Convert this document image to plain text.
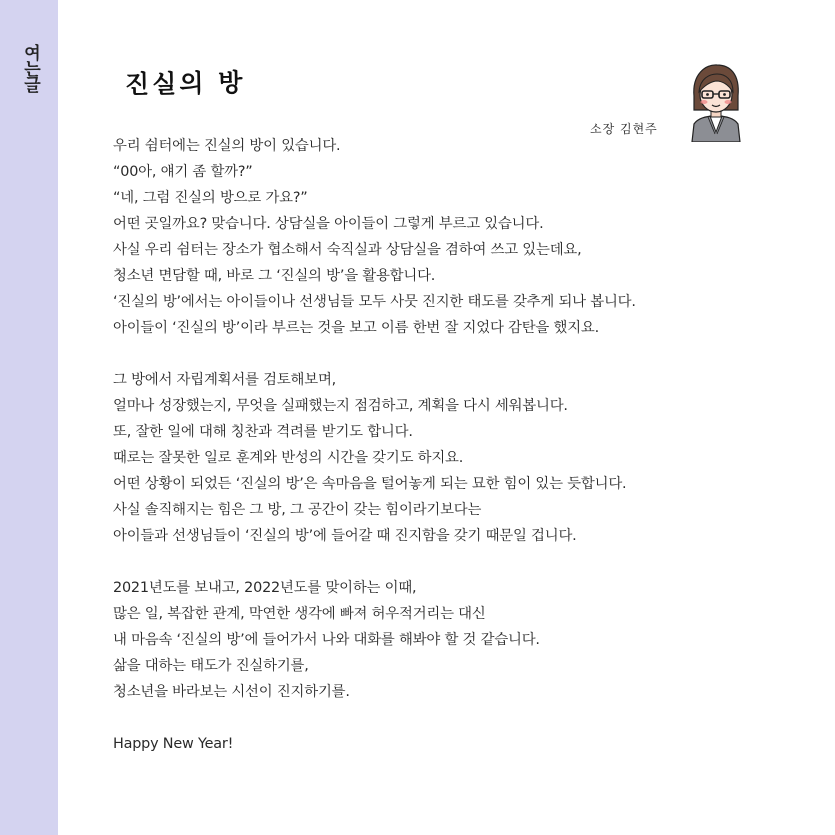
여는글	진실의 방
소장 김현주

우리 쉼터에는 진실의 방이 있습니다.
“00아, 얘기 좀 할까?”
“네, 그럼 진실의 방으로 가요?”
어떤 곳일까요? 맞습니다. 상담실을 아이들이 그렇게 부르고 있습니다.
사실 우리 쉼터는 장소가 협소해서 숙직실과 상담실을 겸하여 쓰고 있는데요,
청소년 면담할 때, 바로 그 ‘진실의 방’을 활용합니다.
‘진실의 방’에서는 아이들이나 선생님들 모두 사뭇 진지한 태도를 갖추게 되나 봅니다.
아이들이 ‘진실의 방’이라 부르는 것을 보고 이름 한번 잘 지었다 감탄을 했지요.

그 방에서 자립계획서를 검토해보며,
얼마나 성장했는지, 무엇을 실패했는지 점검하고, 계획을 다시 세워봅니다.
또, 잘한 일에 대해 칭찬과 격려를 받기도 합니다.
때로는 잘못한 일로 훈계와 반성의 시간을 갖기도 하지요.
어떤 상황이 되었든 ‘진실의 방’은 속마음을 털어놓게 되는 묘한 힘이 있는 듯합니다.
사실 솔직해지는 힘은 그 방, 그 공간이 갖는 힘이라기보다는
아이들과 선생님들이 ‘진실의 방’에 들어갈 때 진지함을 갖기 때문일 겁니다.

2021년도를 보내고, 2022년도를 맞이하는 이때,
많은 일, 복잡한 관계, 막연한 생각에 빠져 허우적거리는 대신
내 마음속 ‘진실의 방’에 들어가서 나와 대화를 해봐야 할 것 같습니다.
삶을 대하는 태도가 진실하기를,
청소년을 바라보는 시선이 진지하기를.

Happy New Year!
